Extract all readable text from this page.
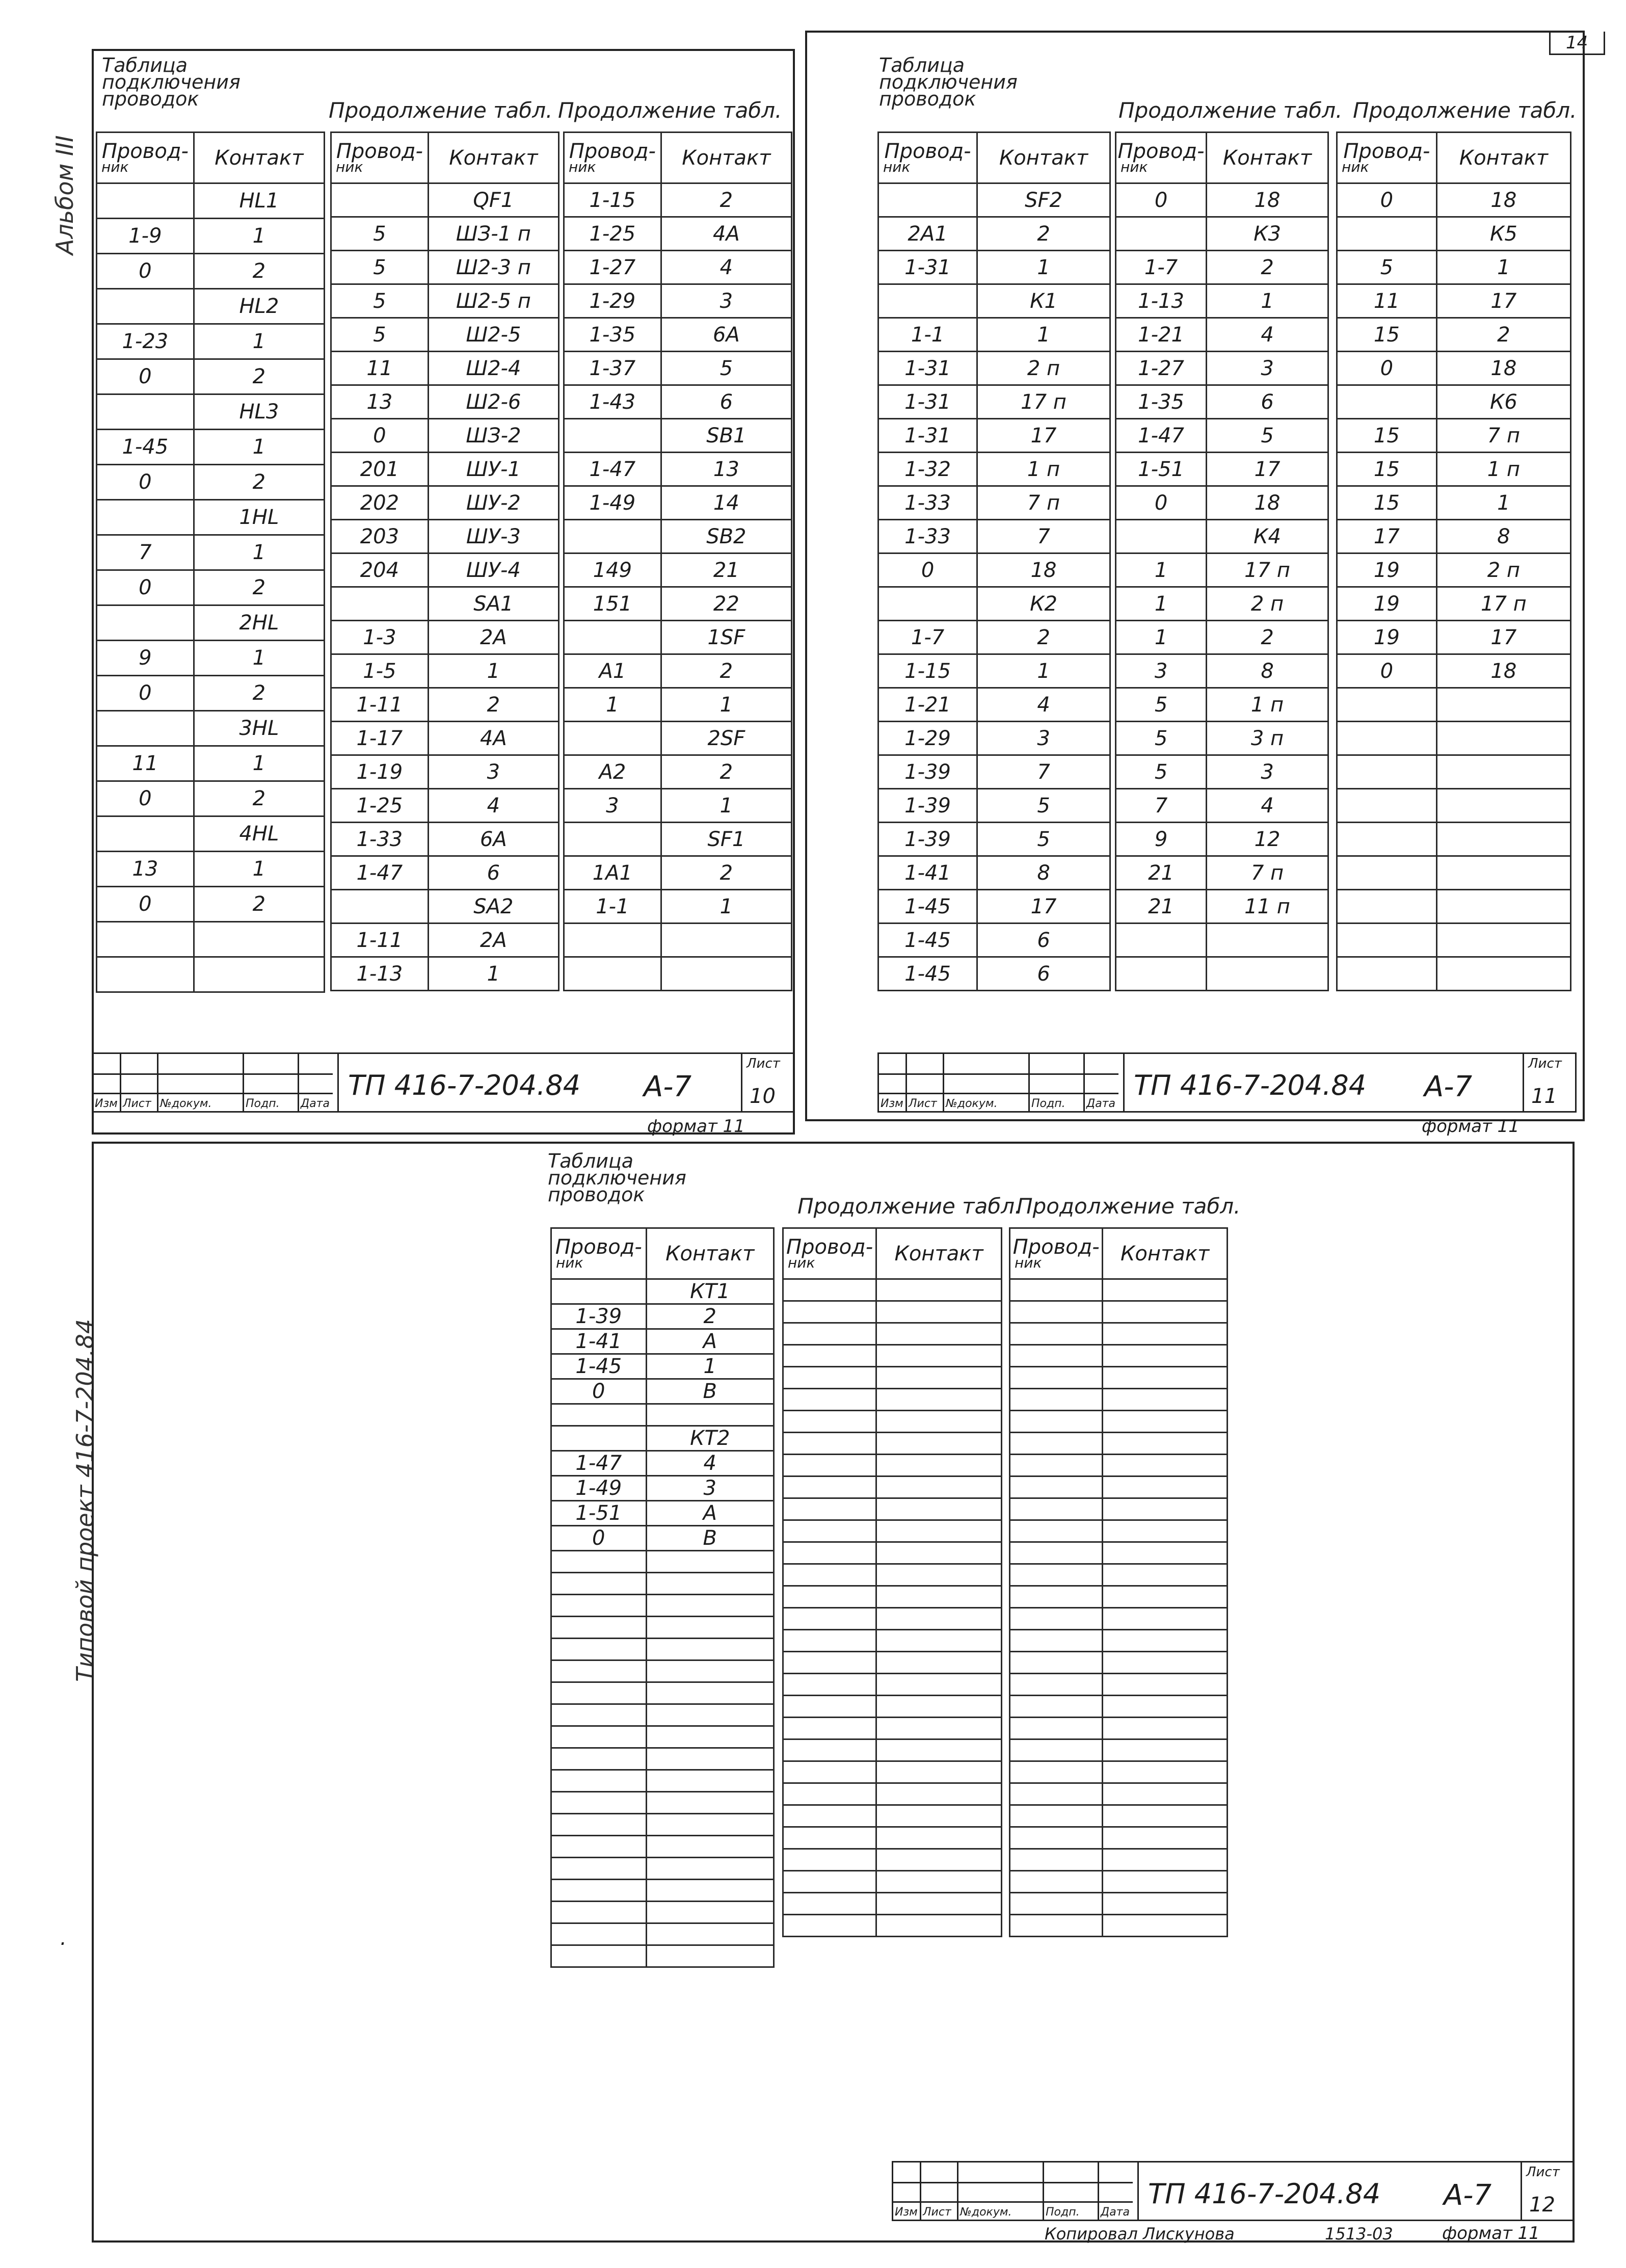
14
Альбом III
Типовой проект 416-7-204.84
.
Таблица
подключения
проводок	Продолжение табл. Продолжение табл.
Провод-
ник	Контакт
	HL1
1-9	1
0	2
	HL2
1-23	1
0	2
	HL3
1-45	1
0	2
	1HL
7	1
0	2
	2HL
9	1
0	2
	3HL
11	1
0	2
	4HL
13	1
0	2

Провод-
ник	Контакт
	QF1
5	ШЗ-1 п
5	Ш2-3 п
5	Ш2-5 п
5	Ш2-5
11	Ш2-4
13	Ш2-6
0	ШЗ-2
201	ШУ-1
202	ШУ-2
203	ШУ-3
204	ШУ-4
	SA1
1-3	2А
1-5	1
1-11	2
1-17	4А
1-19	3
1-25	4
1-33	6А
1-47	6
	SA2
1-11	2А
1-13	1
Провод-
ник	Контакт
1-15	2
1-25	4А
1-27	4
1-29	3
1-35	6А
1-37	5
1-43	6
	SB1
1-47	13
1-49	14
	SB2
149	21
151	22
	1SF
А1	2
1	1
	2SF
А2	2
3	1
	SF1
1А1	2
1-1	1

Изм Лист №докум.	Подп. Дата
ТП 416-7-204.84 А-7
Лист
10
формат 11
Таблица
подключения
проводок	Продолжение табл. Продолжение табл.
Провод-
ник	Контакт
	SF2
2А1	2
1-31	1
	К1
1-1	1
1-31	2 п
1-31	17 п
1-31	17
1-32	1 п
1-33	7 п
1-33	7
0	18
	К2
1-7	2
1-15	1
1-21	4
1-29	3
1-39	7
1-39	5
1-39	5
1-41	8
1-45	17
1-45	6
1-45	6
Провод-
ник	Контакт
0	18
	К3
1-7	2
1-13	1
1-21	4
1-27	3
1-35	6
1-47	5
1-51	17
0	18
	К4
1	17 п
1	2 п
1	2
3	8
5	1 п
5	3 п
5	3
7	4
9	12
21	7 п
21	11 п

Провод-
ник	Контакт
0	18
	К5
5	1
11	17
15	2
0	18
	К6
15	7 п
15	1 п
15	1
17	8
19	2 п
19	17 п
19	17
0	18

Изм Лист №докум.	Подп. Дата
ТП 416-7-204.84 А-7
Лист
11
формат 11
Таблица
подключения
проводок	Продолжение табл.
Продолжение табл.
Провод-
ник	Контакт
	КТ1
1-39	2
1-41	А
1-45	1
0	В

	КТ2
1-47	4
1-49	3
1-51	А
0	В

Провод-
ник	Контакт

	Провод-
ник	Контакт

Изм Лист №докум.	Подп. Дата
ТП 416-7-204.84 А-7
Лист
12
Копировал Лискунова	1513-03	формат 11
